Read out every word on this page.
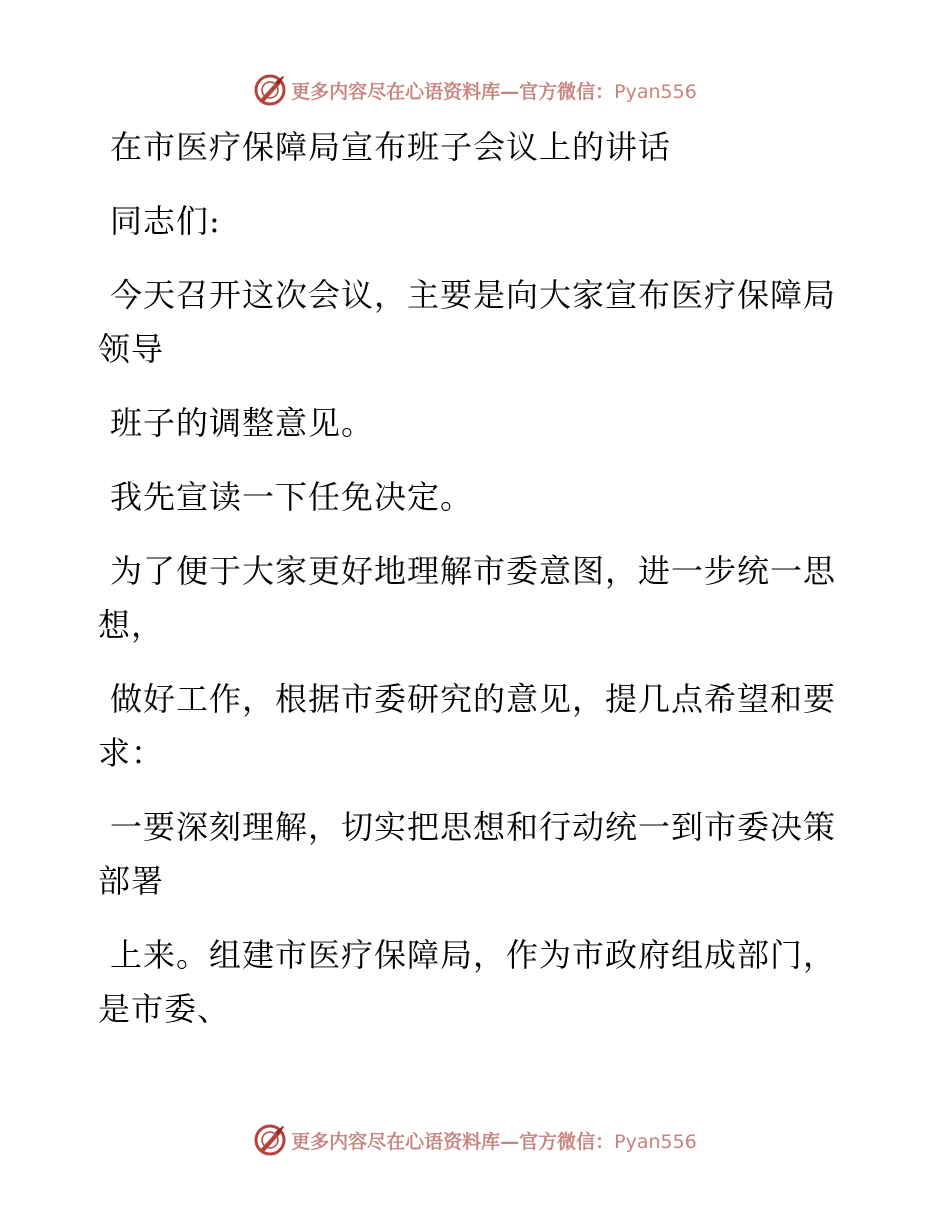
更多内容尽在心语资料库—官方微信：Pyan556

在市医疗保障局宣布班子会议上的讲话

同志们:

今天召开这次会议，主要是向大家宣布医疗保障局领导

班子的调整意见。

我先宣读一下任免决定。

为了便于大家更好地理解市委意图，进一步统一思想，

做好工作，根据市委研究的意见，提几点希望和要求：

一要深刻理解，切实把思想和行动统一到市委决策部署

上来。组建市医疗保障局，作为市政府组成部门，是市委、

更多内容尽在心语资料库—官方微信：Pyan556
